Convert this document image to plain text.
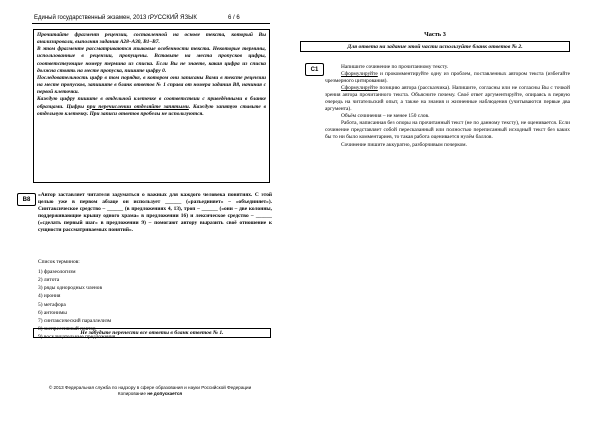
Единый государственный экзамен, 2013 г.
РУССКИЙ ЯЗЫК	6 / 6

Прочитайте фрагмент рецензии, составленной на основе текста, который Вы анализировали, выполняя задания А28–А30, В1–В7.

В этом фрагменте рассматриваются языковые особенности текста. Некоторые термины, использованные в рецензии, пропущены. Вставьте на места пропусков цифры, соответствующие номеру термина из списка. Если Вы не знаете, какая цифра из списка должна стоять на месте пропуска, пишите цифру 0.

Последовательность цифр в том порядке, в котором они записаны Вами в тексте рецензии на месте пропусков, запишите в бланк ответов № 1 справа от номера задания В8, начиная с первой клеточки.

Каждую цифру пишите в отдельной клеточке в соответствии с приведёнными в бланке образцами. Цифры при перечислении отделяйте запятыми. Каждую запятую ставьте в отдельную клеточку. При записи ответов пробелы не используются.

В8
«Автор заставляет читателя задуматься о важных для каждого человека понятиях. С этой целью уже в первом абзаце он использует ______ («разъединяет» – «объединяет»). Синтаксическое средство – ______ (в предложениях 4, 13), троп – ______ («они – две колонны, поддерживающие крышу одного храма» в предложении 16) и лексическое средство – ______ («сделать первый шаг» в предложении 9) – помогают автору выразить своё отношение к сущности рассматриваемых понятий».
Список терминов:
1) фразеологизм
2) литота
3) ряды однородных членов
4) ирония
5) метафора
6) антонимы
7) синтаксический параллелизм
8) экспрессивный повтор
9) восклицательные предложения
Не забудьте перенести все ответы в бланк ответов № 1.
© 2013 Федеральная служба по надзору в сфере образования и науки Российской Федерации
Копирование не допускается
Часть 3
Для ответа на задание этой части используйте бланк ответов № 2.
С1	Напишите сочинение по прочитанному тексту.

Сформулируйте и прокомментируйте одну из проблем, поставленных автором текста (избегайте чрезмерного цитирования).

Сформулируйте позицию автора (рассказчика). Напишите, согласны или не согласны Вы с точкой зрения автора прочитанного текста. Объясните почему. Своё ответ аргументируйте, опираясь в первую очередь на читательский опыт, а также на знания и жизненные наблюдения (учитываются первые два аргумента).

Объём сочинения – не менее 150 слов.

Работа, написанная без опоры на прочитанный текст (не по данному тексту), не оценивается. Если сочинение представляет собой пересказанный или полностью переписанный исходный текст без каких бы то ни было комментариев, то такая работа оценивается нулём баллов.

Сочинение пишите аккуратно, разборчивым почерком.
